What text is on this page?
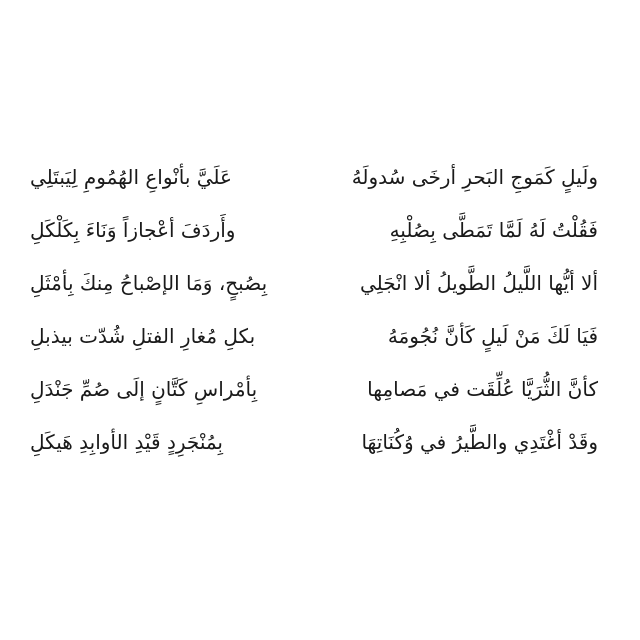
ولَيلٍ كَمَوجِ البَحرِ أرخَى سُدولَهُ
عَلَيَّ بأنْواعِ الهُمُومِ لِيَبتَلِي
فَقُلْتُ لَهُ لَمَّا تَمَطَّى بِصُلْبِهِ
وأَردَفَ أعْجازاً وَنَاءَ بِكَلْكَلِ
ألا أيُّها اللَّيلُ الطَّويلُ ألا انْجَلِي
بِصُبحٍ، وَمَا الإصْباحُ مِنكَ بِأمْثَلِ
فَيَا لَكَ مَنْ لَيلٍ كَأنَّ نُجُومَهُ
بكلِ مُغارِ الفتلِ شُدّت بيذبلِ
كأنَّ الثُّرَيَّا عُلِّقَت في مَصامِها
بِأمْراسِ كَتَّانٍ إلَى صُمِّ جَنْدَلِ
وقَدْ أغْتَدِي والطَّيرُ في وُكُنَاتِهَا
بِمُنْجَرِدٍ قَيْدِ الأوابِدِ هَيكَلِ
